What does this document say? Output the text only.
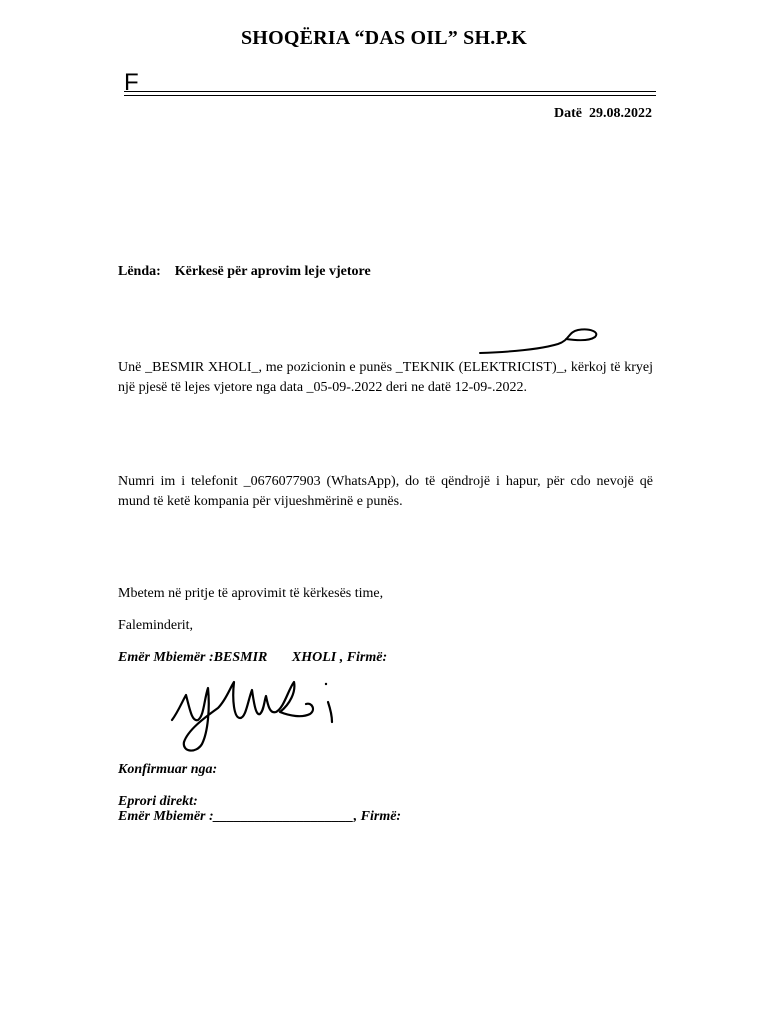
SHOQËRIA “DAS OIL” SH.P.K
F
Datë  29.08.2022
Lënda:    Kërkesë për aprovim leje vjetore
Unë _BESMIR XHOLI_, me pozicionin e punës _TEKNIK (ELEKTRICIST)_, kërkoj të kryej një pjesë të lejes vjetore nga data _05-09-.2022 deri ne datë 12-09-.2022.
Numri im i telefonit _0676077903 (WhatsApp), do të qëndrojë i hapur, për cdo nevojë që mund të ketë kompania për vijueshmërinë e punës.
Mbetem në pritje të aprovimit të kërkesës time,
Faleminderit,
Emër Mbiemër :BESMIR       XHOLI , Firmë:
Konfirmuar nga:
Eprori direkt:
Emër Mbiemër :____________________, Firmë:
